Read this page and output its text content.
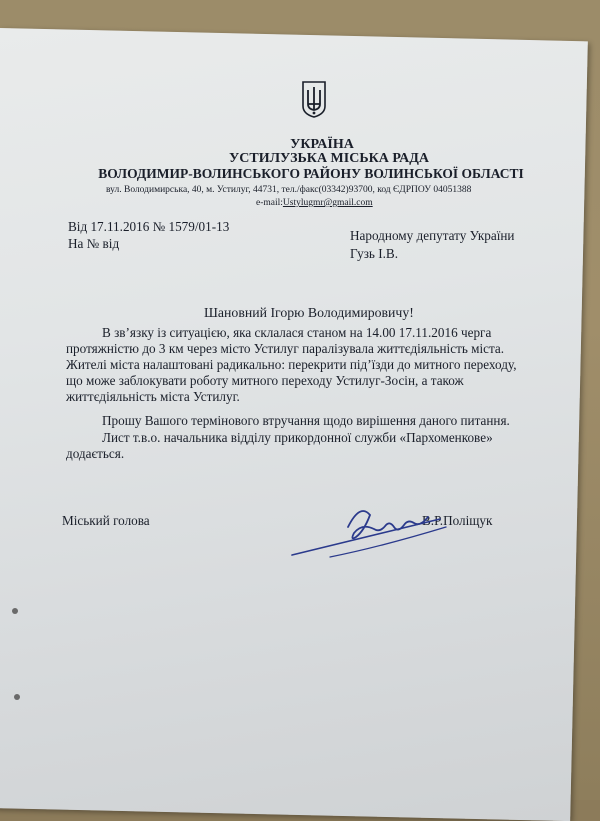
УКРАЇНА
УСТИЛУЗЬКА МІСЬКА РАДА
ВОЛОДИМИР-ВОЛИНСЬКОГО РАЙОНУ ВОЛИНСЬКОЇ ОБЛАСТІ
вул. Володимирська, 40, м. Устилуг, 44731, тел./факс(03342)93700, код ЄДРПОУ 04051388
e-mail:Ustylugmr@gmail.com
Від 17.11.2016 № 1579/01-13
На № від
Народному депутату України
Гузь І.В.
Шановний Ігорю Володимировичу!
В зв’язку із ситуацією, яка склалася станом на 14.00 17.11.2016 черга
протяжністю до 3 км через місто Устилуг паралізувала життєдіяльність міста.
Жителі міста налаштовані радикально: перекрити під’їзди до митного переходу,
що може заблокувати роботу митного переходу Устилуг-Зосін, а також
життєдіяльність міста Устилуг.
Прошу Вашого термінового втручання щодо вирішення даного питання.
Лист т.в.о. начальника відділу прикордонної служби «Пархоменкове»
додається.
Міський голова	В.Р.Поліщук
